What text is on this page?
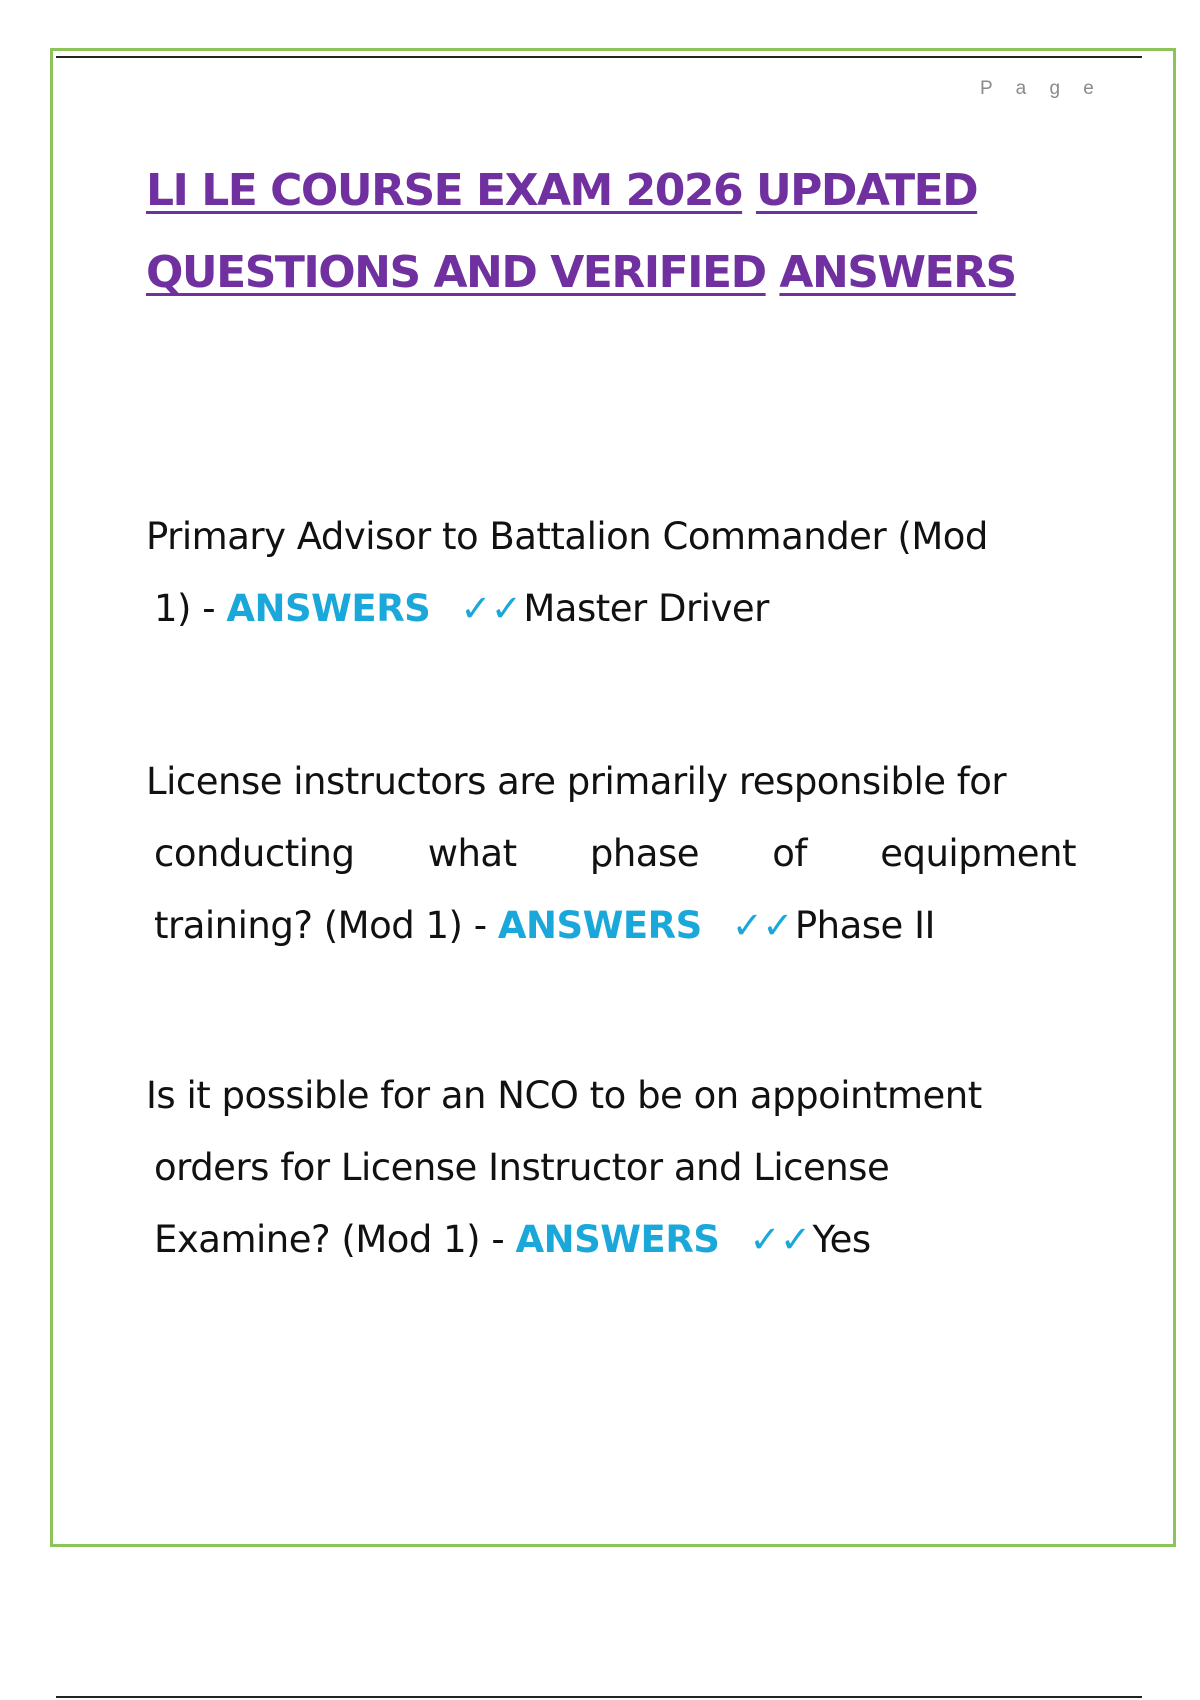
P a g e
LI LE COURSE EXAM 2026 UPDATED
QUESTIONS AND VERIFIED ANSWERS
Primary Advisor to Battalion Commander (Mod
1) - ANSWERS ✓✓Master Driver
License instructors are primarily responsible for
conducting what phase of equipment
training? (Mod 1) - ANSWERS ✓✓Phase II
Is it possible for an NCO to be on appointment
orders for License Instructor and License
Examine? (Mod 1) - ANSWERS ✓✓Yes
